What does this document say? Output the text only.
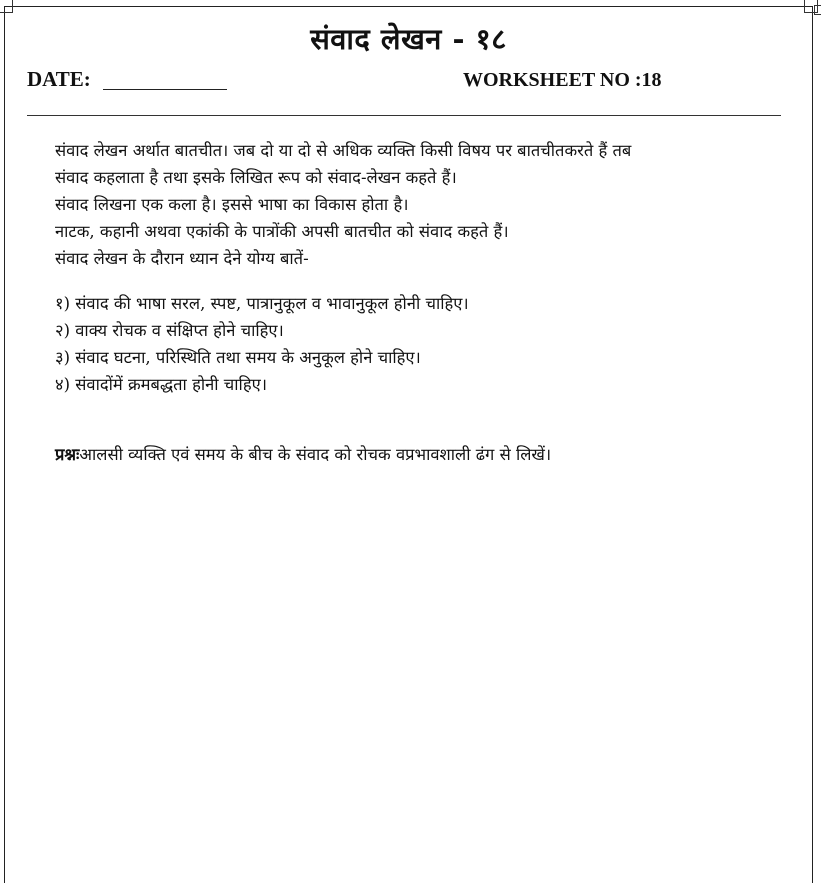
संवाद लेखन - १८
DATE:	WORKSHEET NO :18

संवाद लेखन अर्थात बातचीत। जब दो या दो से अधिक व्यक्ति किसी विषय पर बातचीतकरते हैं तब

संवाद कहलाता है तथा इसके लिखित रूप को संवाद-लेखन कहते हैं।

संवाद लिखना एक कला है। इससे भाषा का विकास होता है।

नाटक, कहानी अथवा एकांकी के पात्रोंकी अपसी बातचीत को संवाद कहते हैं।

संवाद लेखन के दौरान ध्यान देने योग्य बातें-

१) संवाद की भाषा सरल, स्पष्ट, पात्रानुकूल व भावानुकूल होनी चाहिए।

२) वाक्य रोचक व संक्षिप्त होने चाहिए।

३) संवाद घटना, परिस्थिति तथा समय के अनुकूल होने चाहिए।

४) संवादोंमें क्रमबद्धता होनी चाहिए।

प्रश्नःआलसी व्यक्ति एवं समय के बीच के संवाद को रोचक वप्रभावशाली ढंग से लिखें।
